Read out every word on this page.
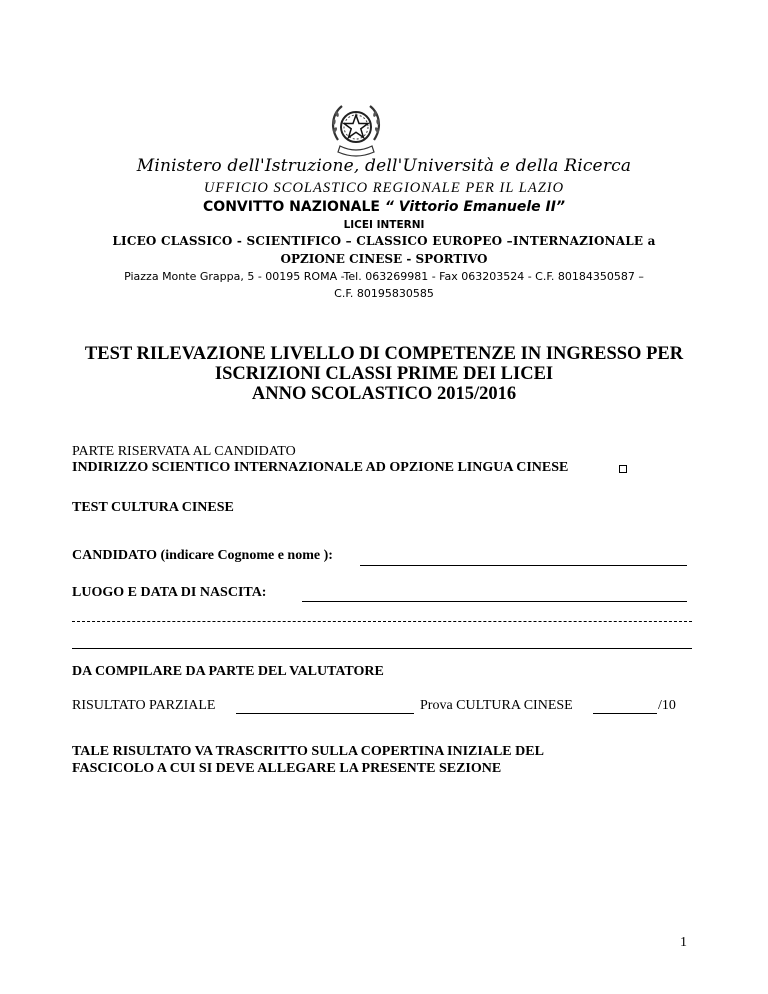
Ministero dell'Istruzione, dell'Università e della Ricerca
UFFICIO SCOLASTICO REGIONALE PER IL LAZIO
CONVITTO NAZIONALE “ Vittorio Emanuele II”
LICEI INTERNI
LICEO CLASSICO - SCIENTIFICO – CLASSICO EUROPEO –INTERNAZIONALE a
OPZIONE CINESE - SPORTIVO
Piazza Monte Grappa, 5 - 00195 ROMA -Tel. 063269981 - Fax 063203524 - C.F. 80184350587 –
C.F. 80195830585
TEST RILEVAZIONE LIVELLO DI COMPETENZE IN INGRESSO PER
ISCRIZIONI CLASSI PRIME DEI LICEI
ANNO SCOLASTICO 2015/2016
PARTE RISERVATA AL CANDIDATO
INDIRIZZO SCIENTICO INTERNAZIONALE AD OPZIONE LINGUA CINESE
TEST CULTURA CINESE
CANDIDATO (indicare Cognome e nome ):
LUOGO E DATA DI NASCITA:
DA COMPILARE DA PARTE DEL VALUTATORE
RISULTATO PARZIALE	Prova CULTURA CINESE	/10
TALE RISULTATO VA TRASCRITTO SULLA COPERTINA INIZIALE DEL
FASCICOLO A CUI SI DEVE ALLEGARE LA PRESENTE SEZIONE
1
